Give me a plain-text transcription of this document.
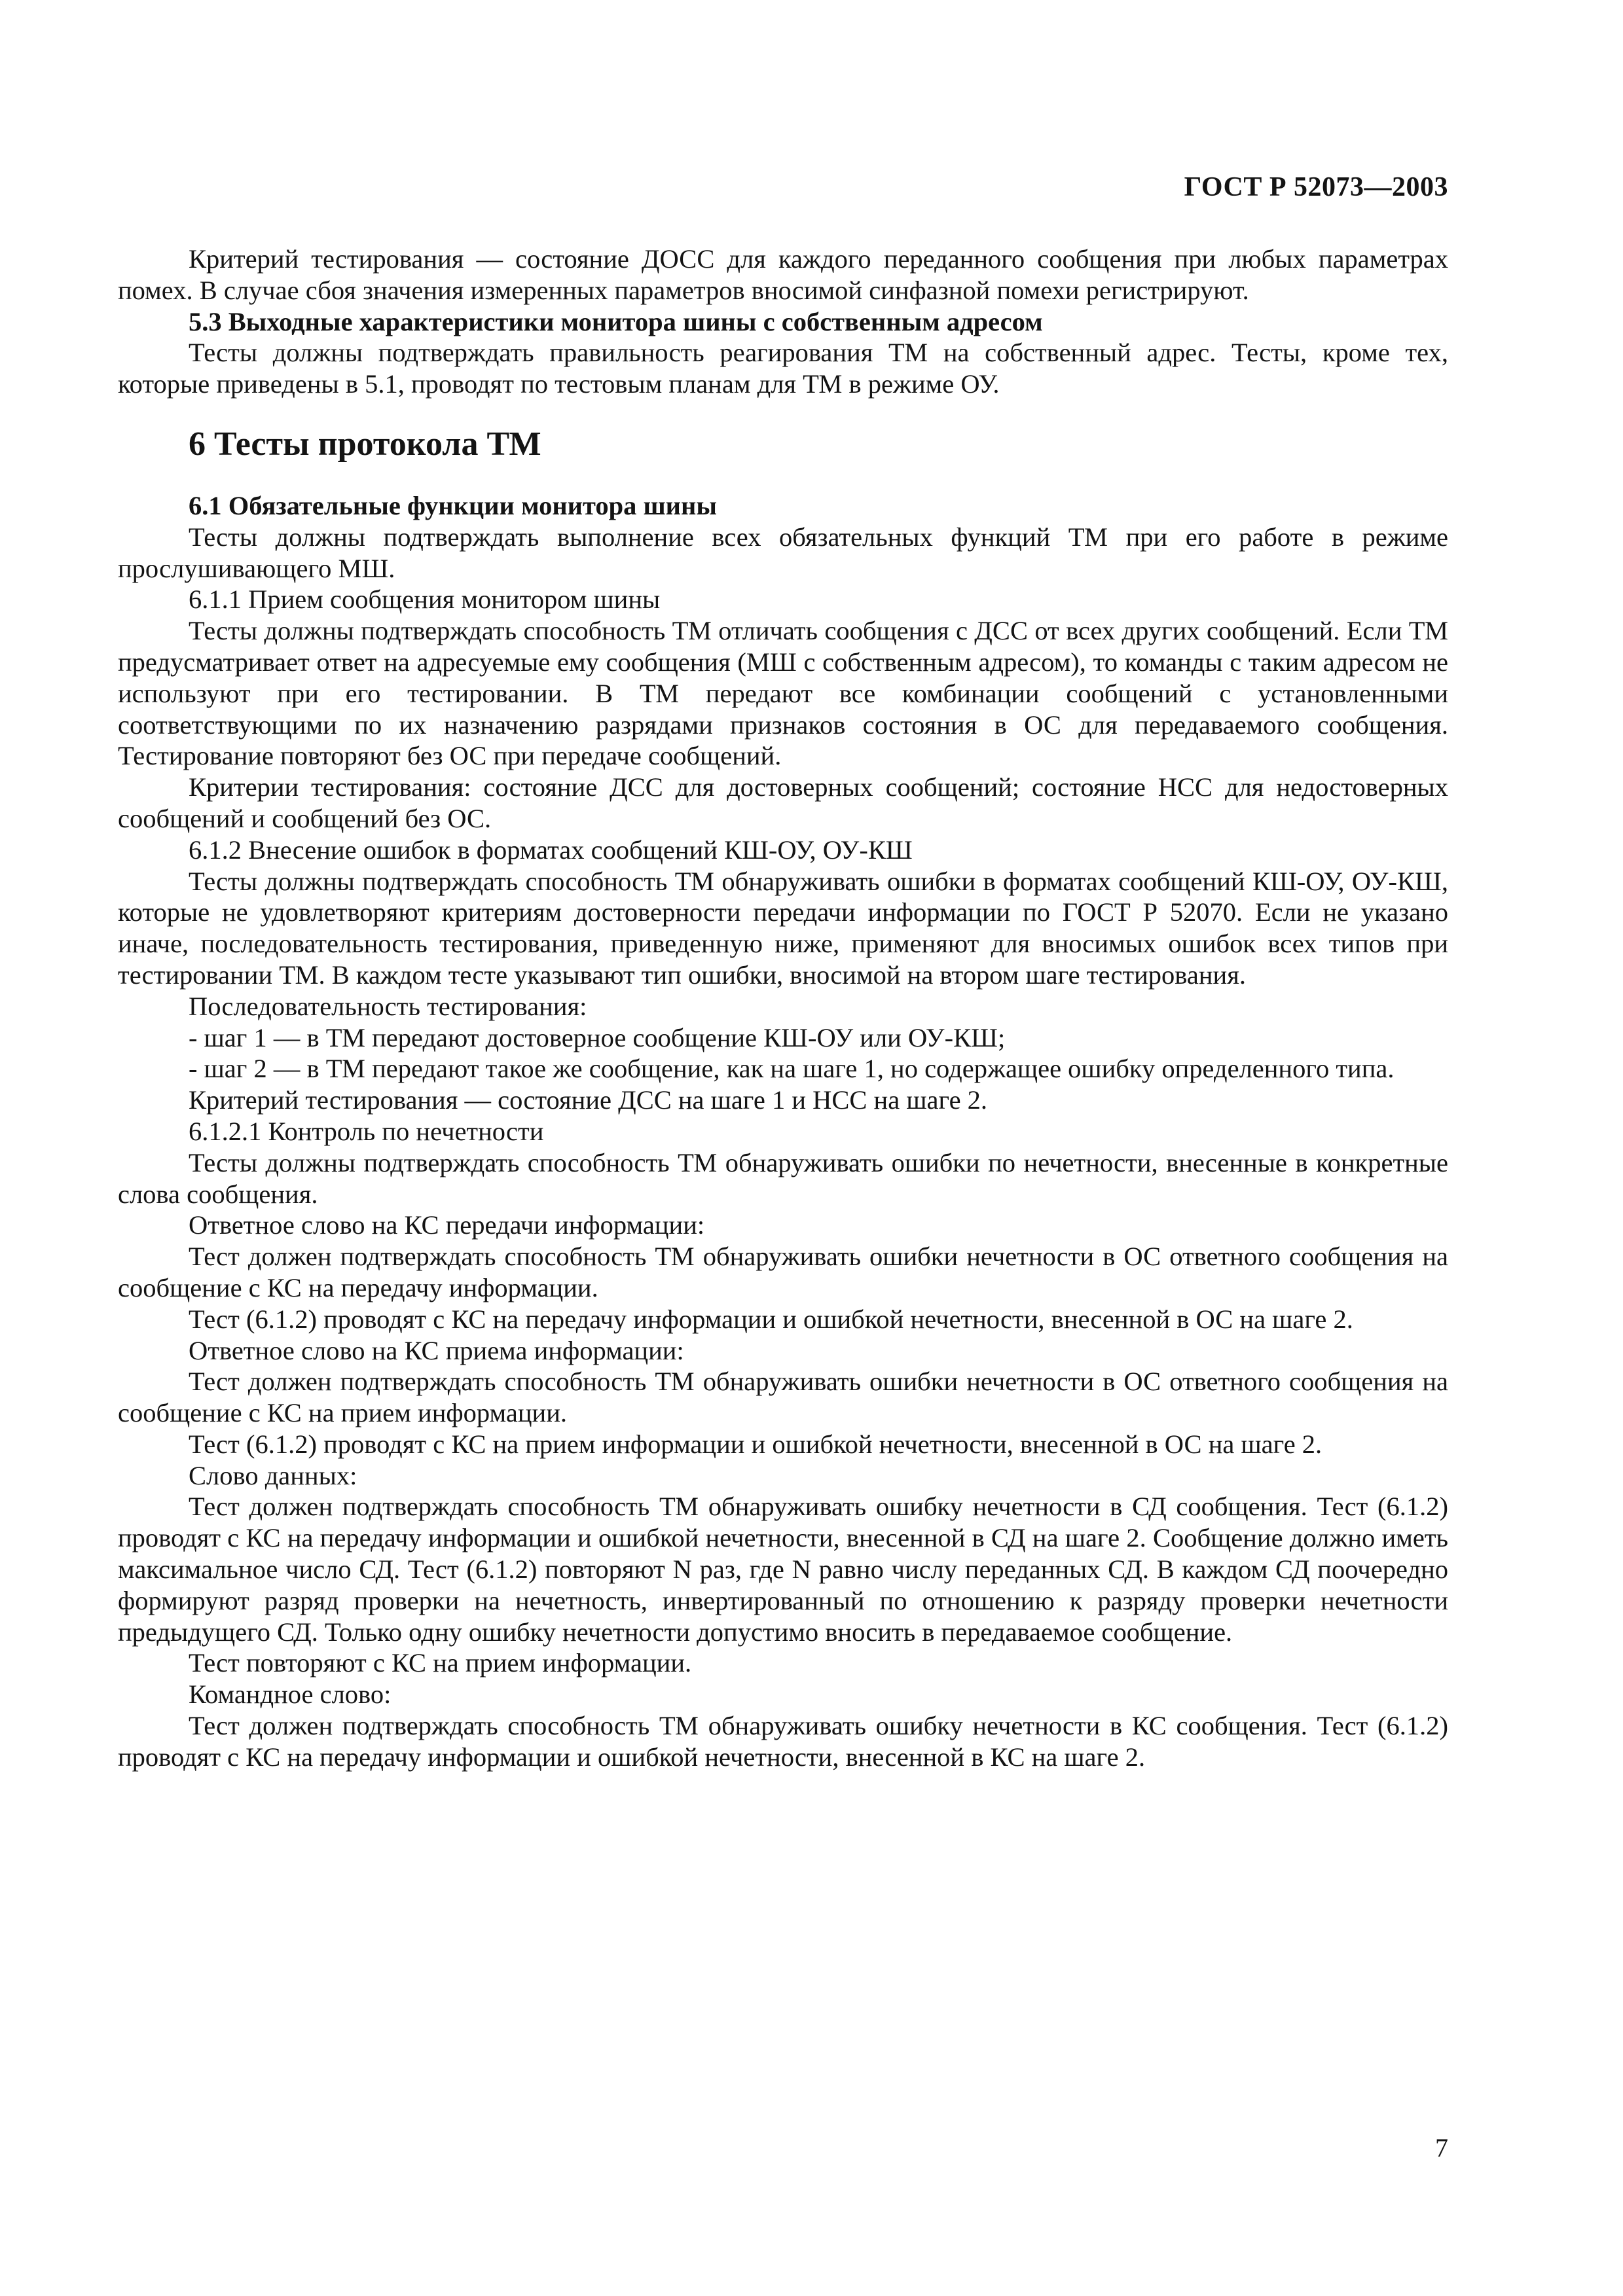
ГОСТ Р 52073—2003

Критерий тестирования — состояние ДОСС для каждого переданного сообщения при любых параметрах помех. В случае сбоя значения измеренных параметров вносимой синфазной помехи регистрируют.

5.3 Выходные характеристики монитора шины с собственным адресом

Тесты должны подтверждать правильность реагирования ТМ на собственный адрес. Тесты, кроме тех, которые приведены в 5.1, проводят по тестовым планам для ТМ в режиме ОУ.

6 Тесты протокола ТМ
6.1 Обязательные функции монитора шины

Тесты должны подтверждать выполнение всех обязательных функций ТМ при его работе в режиме прослушивающего МШ.

6.1.1 Прием сообщения монитором шины

Тесты должны подтверждать способность ТМ отличать сообщения с ДСС от всех других сообщений. Если ТМ предусматривает ответ на адресуемые ему сообщения (МШ с собственным адресом), то команды с таким адресом не используют при его тестировании. В ТМ передают все комбинации сообщений с установленными соответствующими по их назначению разрядами признаков состояния в ОС для передаваемого сообщения. Тестирование повторяют без ОС при передаче сообщений.

Критерии тестирования: состояние ДСС для достоверных сообщений; состояние НСС для недостоверных сообщений и сообщений без ОС.

6.1.2 Внесение ошибок в форматах сообщений КШ-ОУ, ОУ-КШ

Тесты должны подтверждать способность ТМ обнаруживать ошибки в форматах сообщений КШ-ОУ, ОУ-КШ, которые не удовлетворяют критериям достоверности передачи информации по ГОСТ Р 52070. Если не указано иначе, последовательность тестирования, приведенную ниже, применяют для вносимых ошибок всех типов при тестировании ТМ. В каждом тесте указывают тип ошибки, вносимой на втором шаге тестирования.

Последовательность тестирования:

- шаг 1 — в ТМ передают достоверное сообщение КШ-ОУ или ОУ-КШ;

- шаг 2 — в ТМ передают такое же сообщение, как на шаге 1, но содержащее ошибку определенного типа.

Критерий тестирования — состояние ДСС на шаге 1 и НСС на шаге 2.

6.1.2.1 Контроль по нечетности

Тесты должны подтверждать способность ТМ обнаруживать ошибки по нечетности, внесенные в конкретные слова сообщения.

Ответное слово на КС передачи информации:

Тест должен подтверждать способность ТМ обнаруживать ошибки нечетности в ОС ответного сообщения на сообщение с КС на передачу информации.

Тест (6.1.2) проводят с КС на передачу информации и ошибкой нечетности, внесенной в ОС на шаге 2.

Ответное слово на КС приема информации:

Тест должен подтверждать способность ТМ обнаруживать ошибки нечетности в ОС ответного сообщения на сообщение с КС на прием информации.

Тест (6.1.2) проводят с КС на прием информации и ошибкой нечетности, внесенной в ОС на шаге 2.

Слово данных:

Тест должен подтверждать способность ТМ обнаруживать ошибку нечетности в СД сообщения. Тест (6.1.2) проводят с КС на передачу информации и ошибкой нечетности, внесенной в СД на шаге 2. Сообщение должно иметь максимальное число СД. Тест (6.1.2) повторяют N раз, где N равно числу переданных СД. В каждом СД поочередно формируют разряд проверки на нечетность, инвертированный по отношению к разряду проверки нечетности предыдущего СД. Только одну ошибку нечетности допустимо вносить в передаваемое сообщение.

Тест повторяют с КС на прием информации.

Командное слово:

Тест должен подтверждать способность ТМ обнаруживать ошибку нечетности в КС сообщения. Тест (6.1.2) проводят с КС на передачу информации и ошибкой нечетности, внесенной в КС на шаге 2.

7
